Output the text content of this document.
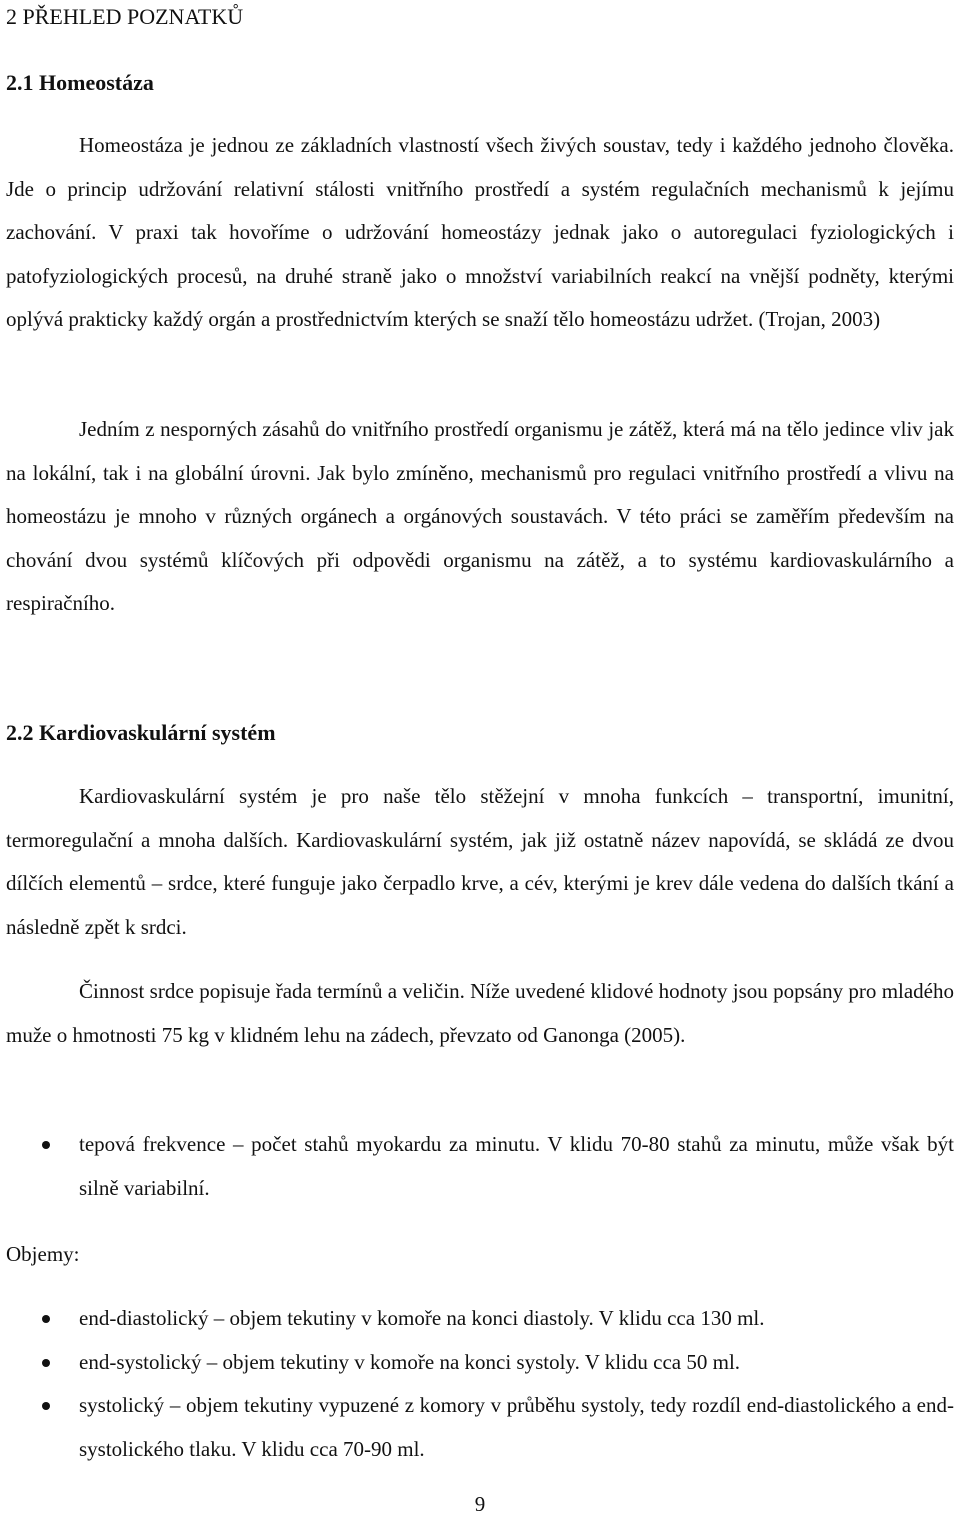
2 PŘEHLED POZNATKŮ
2.1 Homeostáza

Homeostáza je jednou ze základních vlastností všech živých soustav, tedy i každého jednoho člověka. Jde o princip udržování relativní stálosti vnitřního prostředí a systém regulačních mechanismů k jejímu zachování. V praxi tak hovoříme o udržování homeostázy jednak jako o autoregulaci fyziologických i patofyziologických procesů, na druhé straně jako o množství variabilních reakcí na vnější podněty, kterými oplývá prakticky každý orgán a prostřednictvím kterých se snaží tělo homeostázu udržet. (Trojan, 2003)

Jedním z nesporných zásahů do vnitřního prostředí organismu je zátěž, která má na tělo jedince vliv jak na lokální, tak i na globální úrovni. Jak bylo zmíněno, mechanismů pro regulaci vnitřního prostředí a vlivu na homeostázu je mnoho v různých orgánech a orgánových soustavách. V této práci se zaměřím především na chování dvou systémů klíčových při odpovědi organismu na zátěž, a to systému kardiovaskulárního a respiračního.

2.2 Kardiovaskulární systém

Kardiovaskulární systém je pro naše tělo stěžejní v mnoha funkcích – transportní, imunitní, termoregulační a mnoha dalších. Kardiovaskulární systém, jak již ostatně název napovídá, se skládá ze dvou dílčích elementů – srdce, které funguje jako čerpadlo krve, a cév, kterými je krev dále vedena do dalších tkání a následně zpět k srdci.

Činnost srdce popisuje řada termínů a veličin. Níže uvedené klidové hodnoty jsou popsány pro mladého muže o hmotnosti 75 kg v klidném lehu na zádech, převzato od Ganonga (2005).

tepová frekvence – počet stahů myokardu za minutu. V klidu 70-80 stahů za minutu, může však být silně variabilní.

Objemy:

end-diastolický – objem tekutiny v komoře na konci diastoly. V klidu cca 130 ml.
end-systolický – objem tekutiny v komoře na konci systoly. V klidu cca 50 ml.
systolický – objem tekutiny vypuzené z komory v průběhu systoly, tedy rozdíl end-diastolického a end-systolického tlaku. V klidu cca 70-90 ml.
9
